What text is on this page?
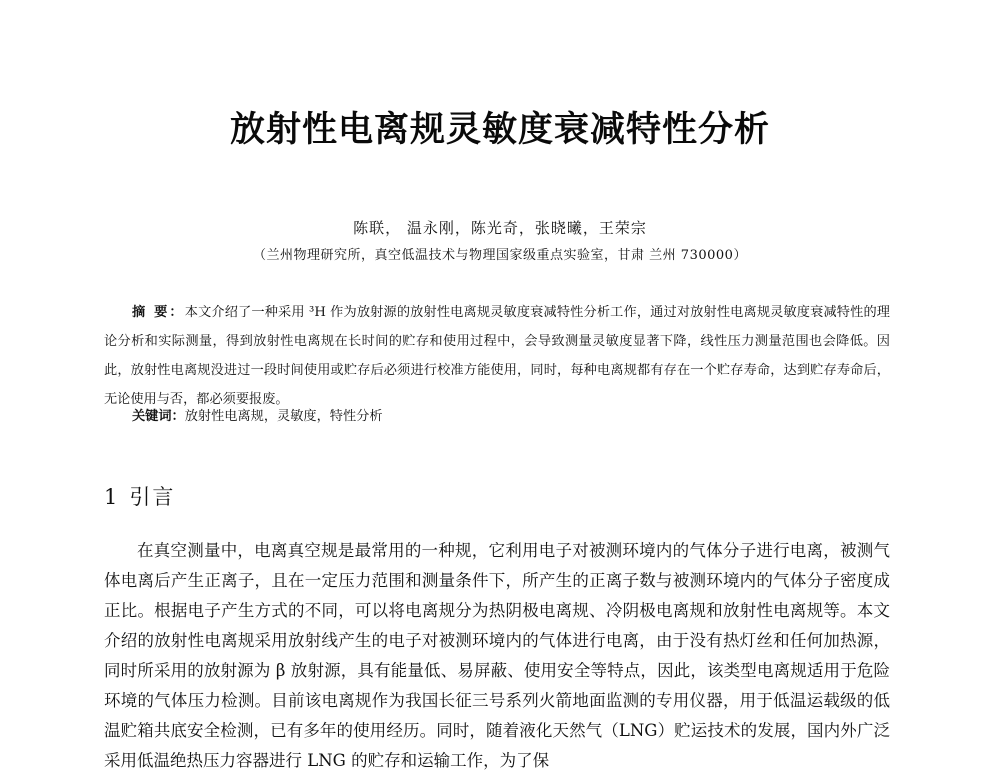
放射性电离规灵敏度衰减特性分析
陈联， 温永刚，陈光奇，张晓曦，王荣宗
（兰州物理研究所，真空低温技术与物理国家级重点实验室，甘肃 兰州 730000）
摘 要：本文介绍了一种采用 ³H 作为放射源的放射性电离规灵敏度衰减特性分析工作，通过对放射性电离规灵敏度衰减特性的理论分析和实际测量，得到放射性电离规在长时间的贮存和使用过程中，会导致测量灵敏度显著下降，线性压力测量范围也会降低。因此，放射性电离规没进过一段时间使用或贮存后必须进行校准方能使用，同时，每种电离规都有存在一个贮存寿命，达到贮存寿命后，无论使用与否，都必须要报废。
关键词：放射性电离规，灵敏度，特性分析
1 引言

在真空测量中，电离真空规是最常用的一种规，它利用电子对被测环境内的气体分子进行电离，被测气体电离后产生正离子，且在一定压力范围和测量条件下，所产生的正离子数与被测环境内的气体分子密度成正比。根据电子产生方式的不同，可以将电离规分为热阴极电离规、冷阴极电离规和放射性电离规等。本文介绍的放射性电离规采用放射线产生的电子对被测环境内的气体进行电离，由于没有热灯丝和任何加热源，同时所采用的放射源为 β 放射源，具有能量低、易屏蔽、使用安全等特点，因此，该类型电离规适用于危险环境的气体压力检测。目前该电离规作为我国长征三号系列火箭地面监测的专用仪器，用于低温运载级的低温贮箱共底安全检测，已有多年的使用经历。同时，随着液化天然气（LNG）贮运技术的发展，国内外广泛采用低温绝热压力容器进行 LNG 的贮存和运输工作，为了保
